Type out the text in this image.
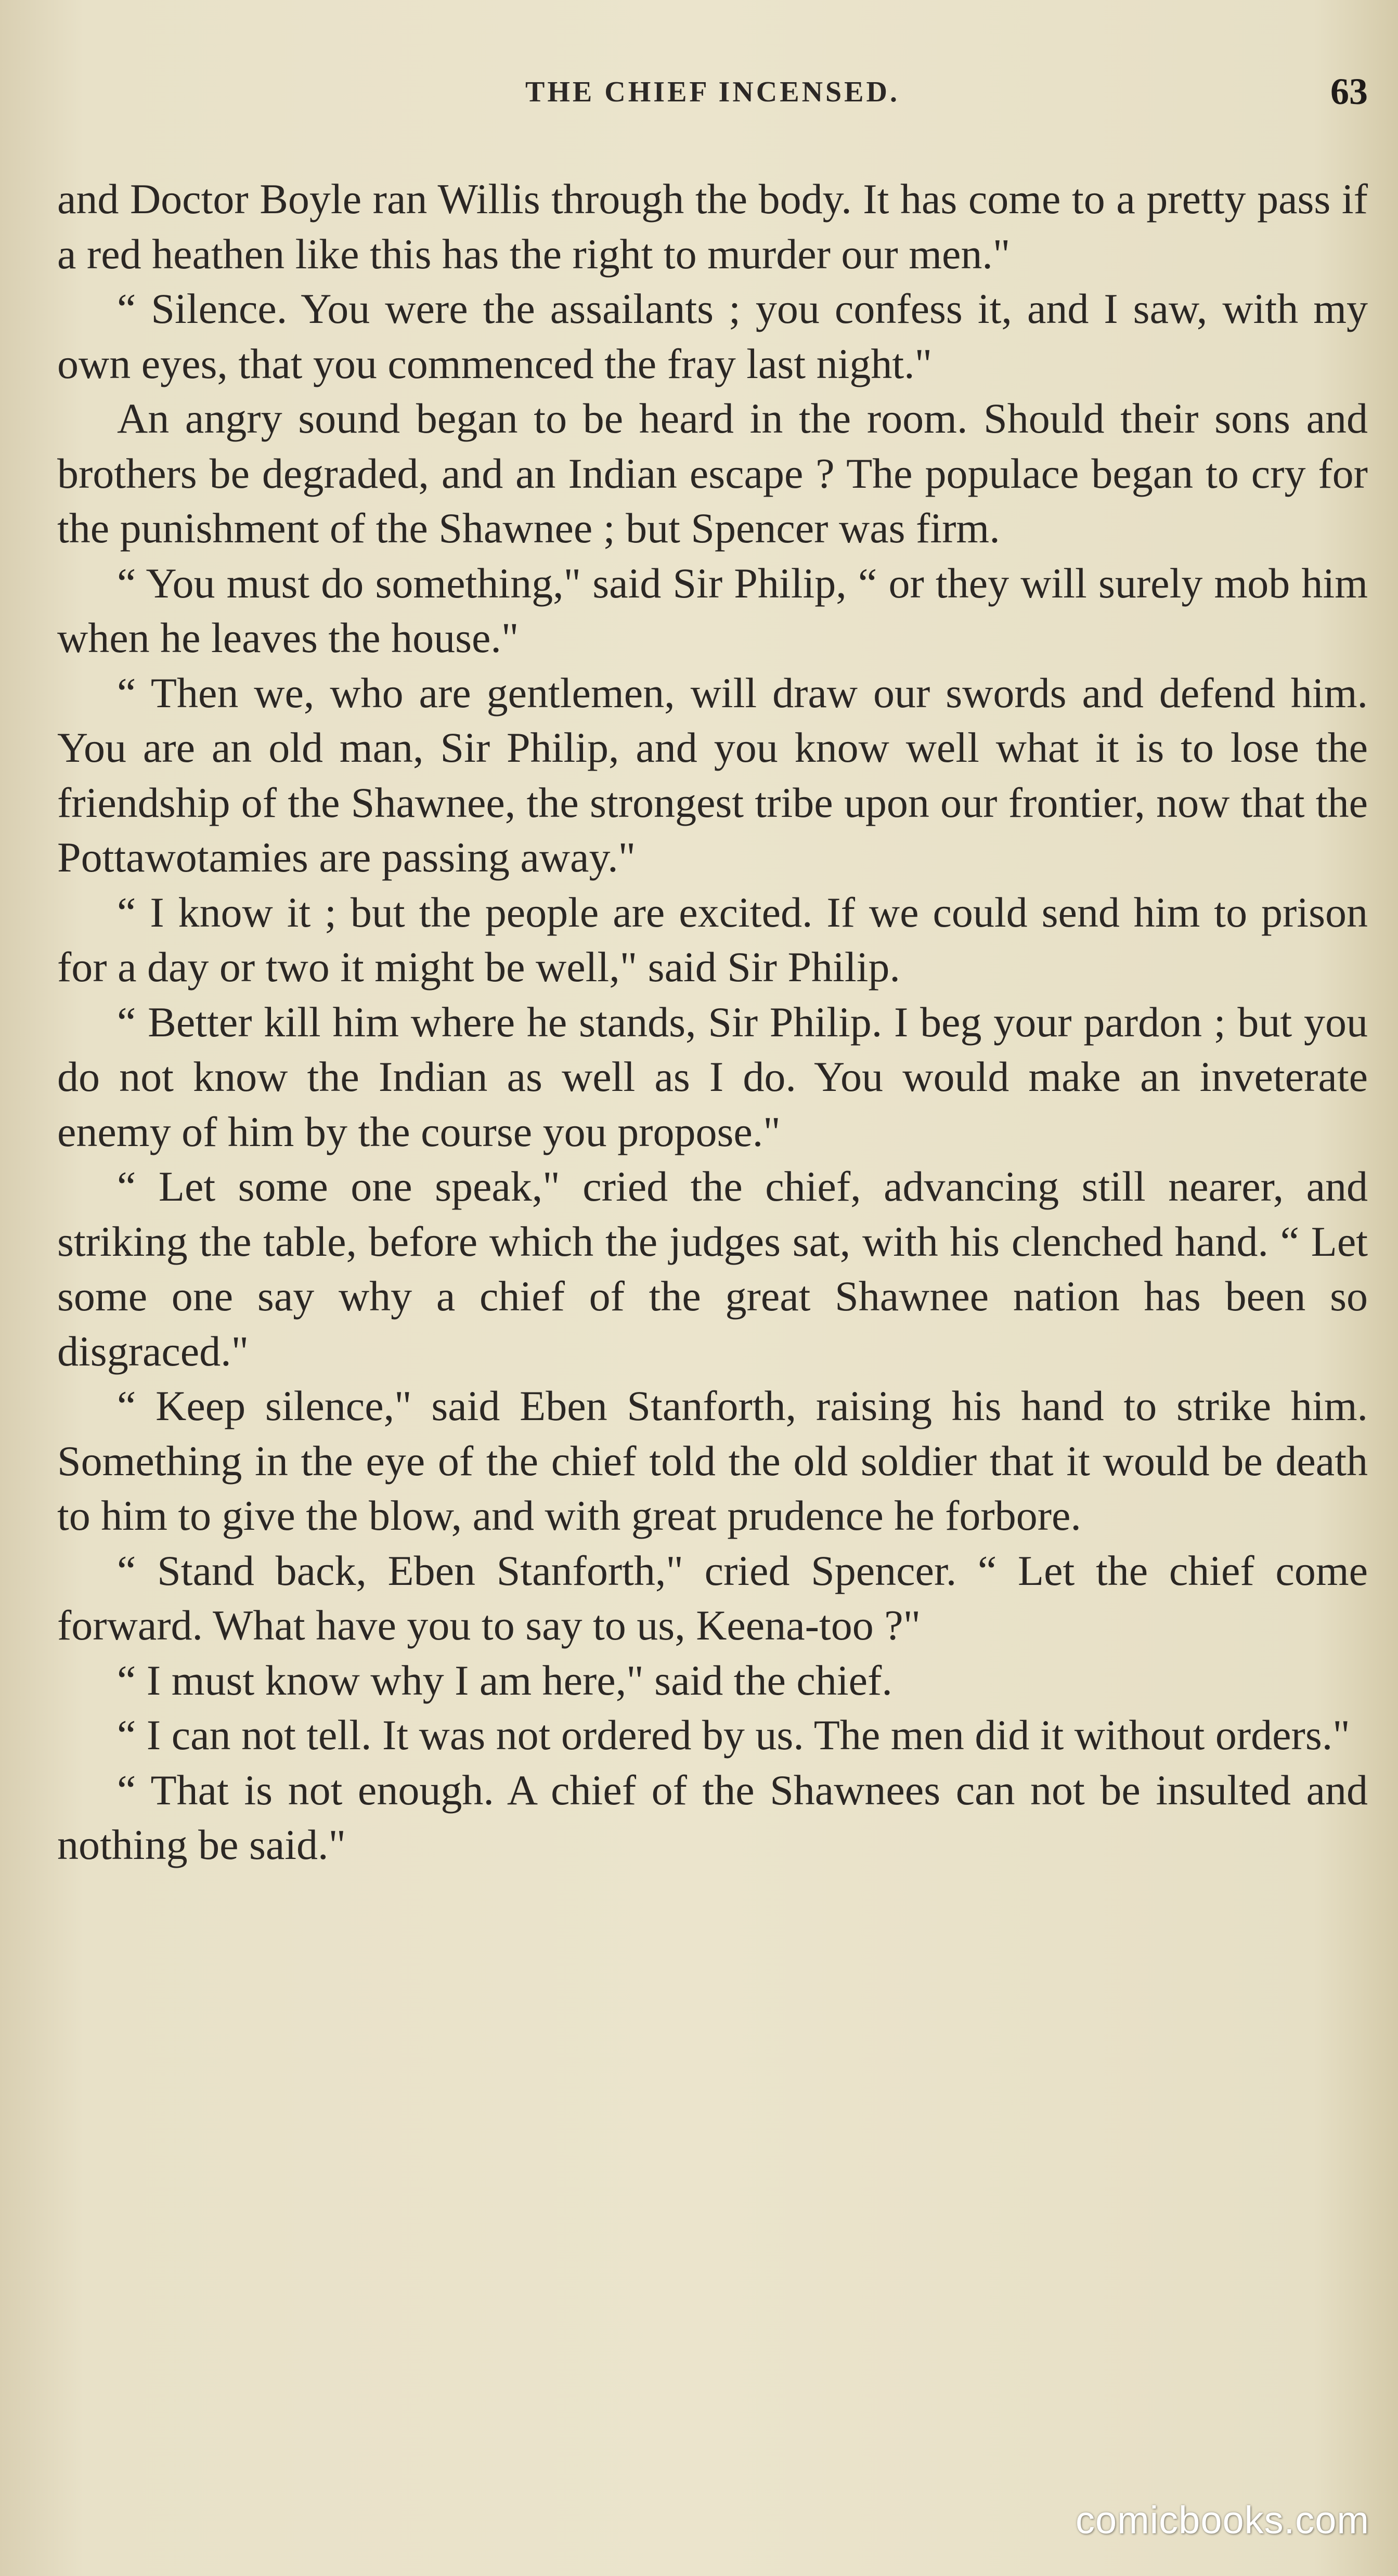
THE CHIEF INCENSED.	63

and Doctor Boyle ran Willis through the body. It has come to a pretty pass if a red heathen like this has the right to murder our men."

“ Silence. You were the assailants ; you confess it, and I saw, with my own eyes, that you commenced the fray last night."

An angry sound began to be heard in the room. Should their sons and brothers be degraded, and an Indian escape ? The populace began to cry for the punishment of the Shawnee ; but Spencer was firm.

“ You must do something," said Sir Philip, “ or they will surely mob him when he leaves the house."

“ Then we, who are gentlemen, will draw our swords and defend him. You are an old man, Sir Philip, and you know well what it is to lose the friendship of the Shawnee, the strongest tribe upon our frontier, now that the Pottawotamies are passing away."

“ I know it ; but the people are excited. If we could send him to prison for a day or two it might be well," said Sir Philip.

“ Better kill him where he stands, Sir Philip. I beg your pardon ; but you do not know the Indian as well as I do. You would make an inveterate enemy of him by the course you propose."

“ Let some one speak," cried the chief, advancing still nearer, and striking the table, before which the judges sat, with his clenched hand. “ Let some one say why a chief of the great Shawnee nation has been so disgraced."

“ Keep silence," said Eben Stanforth, raising his hand to strike him. Something in the eye of the chief told the old soldier that it would be death to him to give the blow, and with great prudence he forbore.

“ Stand back, Eben Stanforth," cried Spencer. “ Let the chief come forward. What have you to say to us, Keena-too ?"

“ I must know why I am here," said the chief.

“ I can not tell. It was not ordered by us. The men did it without orders."

“ That is not enough. A chief of the Shawnees can not be insulted and nothing be said."

comicbooks.com
